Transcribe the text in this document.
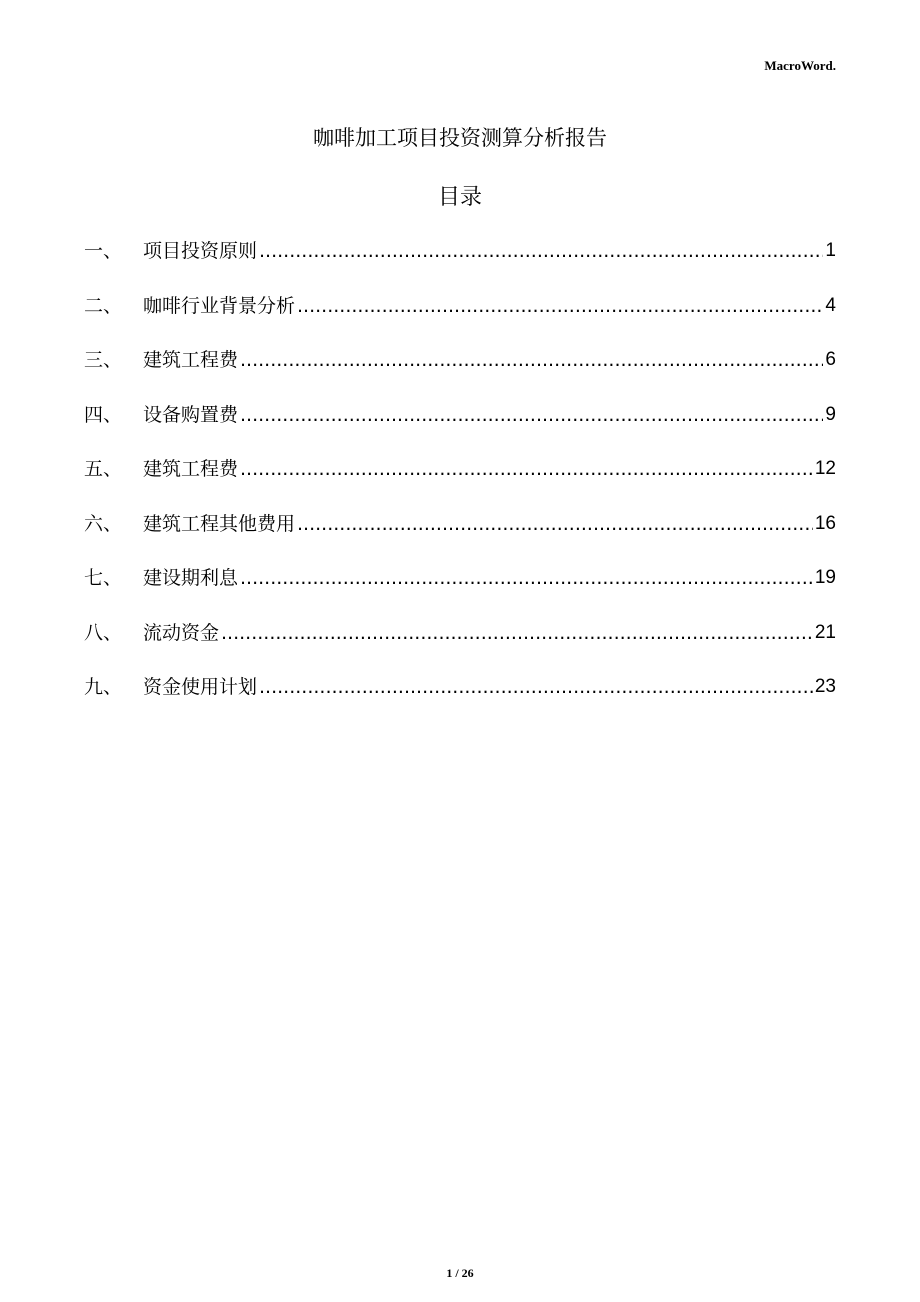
MacroWord.
咖啡加工项目投资测算分析报告
目录
一、	项目投资原则 .....	1
二、	咖啡行业背景分析 .....	4
三、	建筑工程费 .....	6
四、	设备购置费 .....	9
五、	建筑工程费 .....	12
六、	建筑工程其他费用 .....	16
七、	建设期利息 .....	19
八、	流动资金 .....	21
九、	资金使用计划 .....	23
1 / 26
